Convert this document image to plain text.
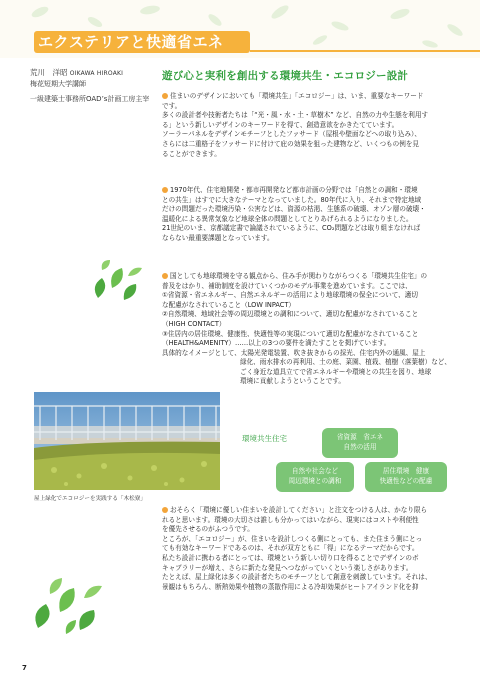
エクステリアと快適省エネ
荒川　洋昭 OIKAWA HIROAKI
梅花短期大学講師
一級建築士事務所OAD’s計画工房主宰
遊び心と実利を創出する環境共生・エコロジー設計
住まいのデザインにおいても「環境共生」「エコロジー」は、いま、重要なキーワード
です。
多くの設計者や技術者たちは「“光・風・水・土・草樹木” など、自然の力や生態を利用す
る」という新しいデザインのキーワードを得て、創造意欲をかきたてています。
ソーラーパネルをデザインモチーフとしたファサード（屋根や壁面などへの取り込み）、
さらには二重格子をファサードに付けて庇の効果を狙った建物など、いくつもの例を見
ることができます。
1970年代、住宅地開発・都市再開発など都市計画の分野では「自然との調和・環境
との共生」はすでに大きなテーマとなっていました。80年代に入り、それまで特定地域
だけの問題だった環境汚染・公害などは、資源の枯渇、生態系の破壊、オゾン層の破壊・
温暖化による異常気象など地球全体の問題としてとりあげられるようになりました。
21世紀のいま、京都議定書で論議されているように、CO₂問題などは取り組まなければ
ならない最重要課題となっています。
国としても地球環境を守る観点から、住み手が関わりながらつくる「環境共生住宅」の
普及をはかり、補助制度を設けていくつかのモデル事業を進めています。ここでは、
①省資源・省エネルギー、自然エネルギーの活用により地球環境の保全について、適切
な配慮がなされていること（LOW INPACT）
②自然環境、地域社会等の周辺環境との調和について、適切な配慮がなされていること
（HIGH CONTACT）
③住居内の居住環境、健康性、快適性等の実現について適切な配慮がなされていること
（HEALTH&AMENITY）……以上の3つの要件を満たすことを掲げています。
具体的なイメージとして、太陽光発電装置、吹き抜きからの採光、住宅内外の通風、屋上
緑化、雨水排水の再利用、土の庭、菜園、植栽、植樹（落葉樹）など、
ごく身近な道具立てで省エネルギーや環境との共生を図り、地球
環境に貢献しようということです。
屋上緑化でエコロジーを実践する「木松寮」
環境共生住宅	省資源　省エネ
自然の活用
自然や社会など
周辺環境との調和
居住環境　健康
快適性などの配慮
おそらく「環境に優しい住まいを設計してください」と注文をつける人は、かなり限ら
れると思います。環境の大切さは誰しも分かってはいながら、現実にはコストや利便性
を優先させるのがふつうです。
ところが、「エコロジー」が、住まいを設計しつくる側にとっても、また住まう側にとっ
ても有効なキーワードであるのは、それが双方ともに「得」になるテーマだからです。
私たち設計に携わる者にとっては、環境という新しい切り口を得ることでデザインのボ
キャブラリーが増え、さらに新たな発見へつながっていくという楽しさがあります。
たとえば、屋上緑化は多くの設計者たちのモチーフとして創意を刺激しています。それは、
景観はもちろん、断熱効果や植物の蒸散作用による冷却効果がヒートアイランド化を抑
7
